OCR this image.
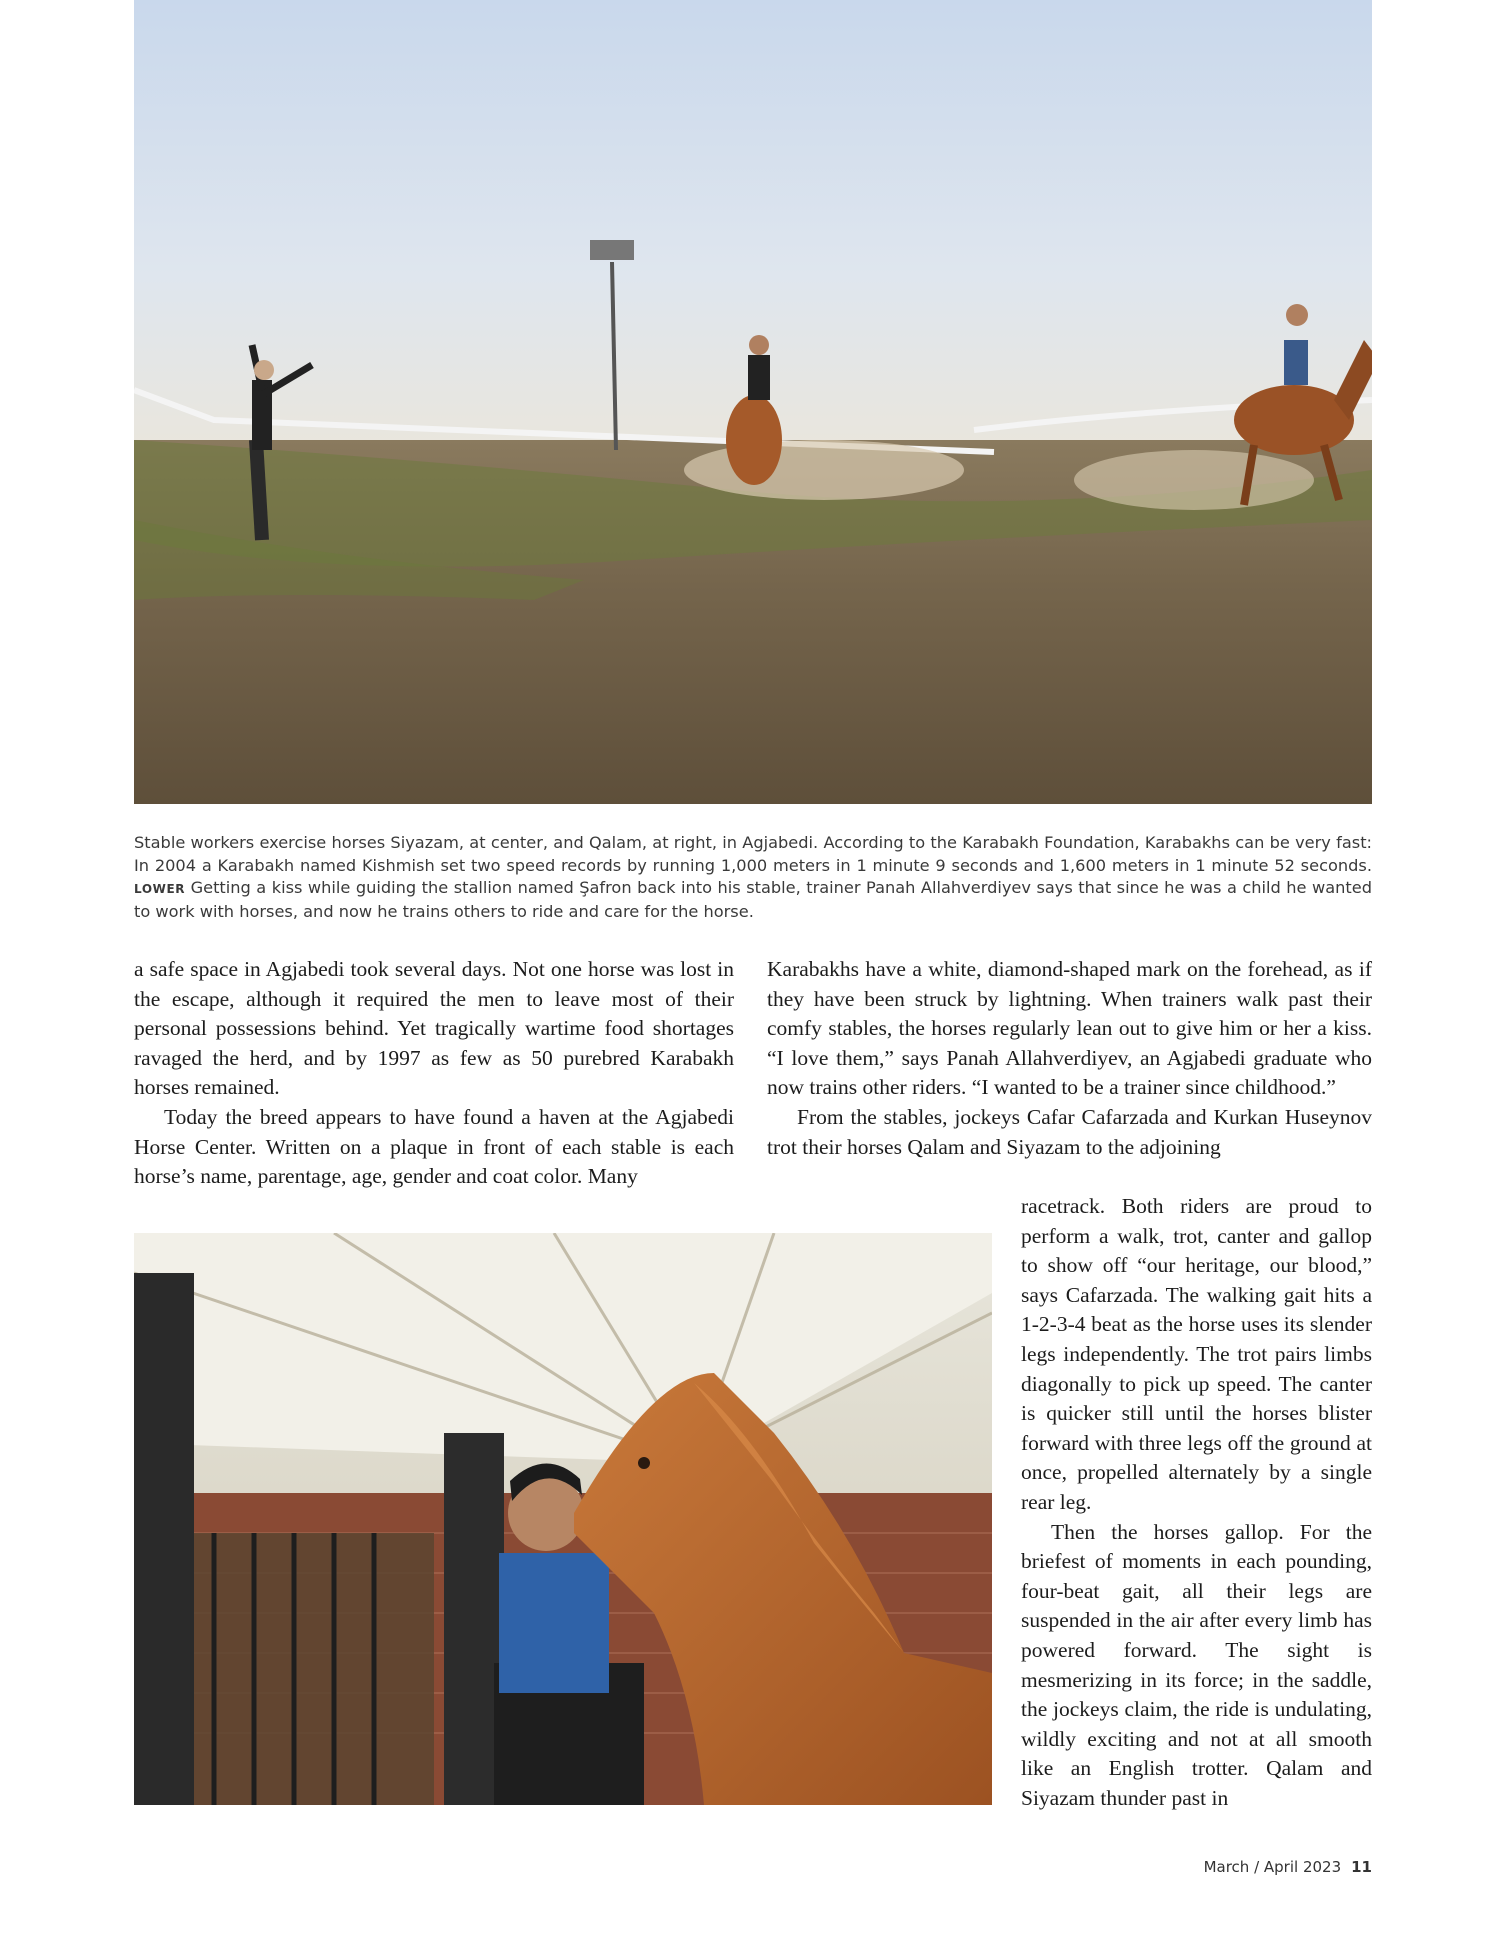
Stable workers exercise horses Siyazam, at center, and Qalam, at right, in Agjabedi. According to the Karabakh Foundation, Karabakhs can be very fast: In 2004 a Karabakh named Kishmish set two speed records by running 1,000 meters in 1 minute 9 seconds and 1,600 meters in 1 minute 52 seconds. LOWER Getting a kiss while guiding the stallion named Şafron back into his stable, trainer Panah Allahverdiyev says that since he was a child he wanted to work with horses, and now he trains others to ride and care for the horse.

a safe space in Agjabedi took several days. Not one horse was lost in the escape, although it required the men to leave most of their personal possessions behind. Yet tragically wartime food shortages ravaged the herd, and by 1997 as few as 50 purebred Karabakh horses remained.

Today the breed appears to have found a haven at the Agjabedi Horse Center. Written on a plaque in front of each stable is each horse’s name, parentage, age, gender and coat color. Many

Karabakhs have a white, diamond-shaped mark on the forehead, as if they have been struck by lightning. When trainers walk past their comfy stables, the horses regularly lean out to give him or her a kiss. “I love them,” says Panah Allahverdiyev, an Agjabedi graduate who now trains other riders. “I wanted to be a trainer since childhood.”

From the stables, jockeys Cafar Cafarzada and Kurkan Huseynov trot their horses Qalam and Siyazam to the adjoining

racetrack. Both riders are proud to perform a walk, trot, canter and gallop to show off “our heritage, our blood,” says Cafarzada. The walking gait hits a 1-2-3-4 beat as the horse uses its slender legs independently. The trot pairs limbs diagonally to pick up speed. The canter is quicker still until the horses blister forward with three legs off the ground at once, propelled alternately by a single rear leg.

Then the horses gallop. For the briefest of moments in each pounding, four-beat gait, all their legs are suspended in the air after every limb has powered forward. The sight is mesmerizing in its force; in the saddle, the jockeys claim, the ride is undulating, wildly exciting and not at all smooth like an English trotter. Qalam and Siyazam thunder past in

March / April 2023 11
